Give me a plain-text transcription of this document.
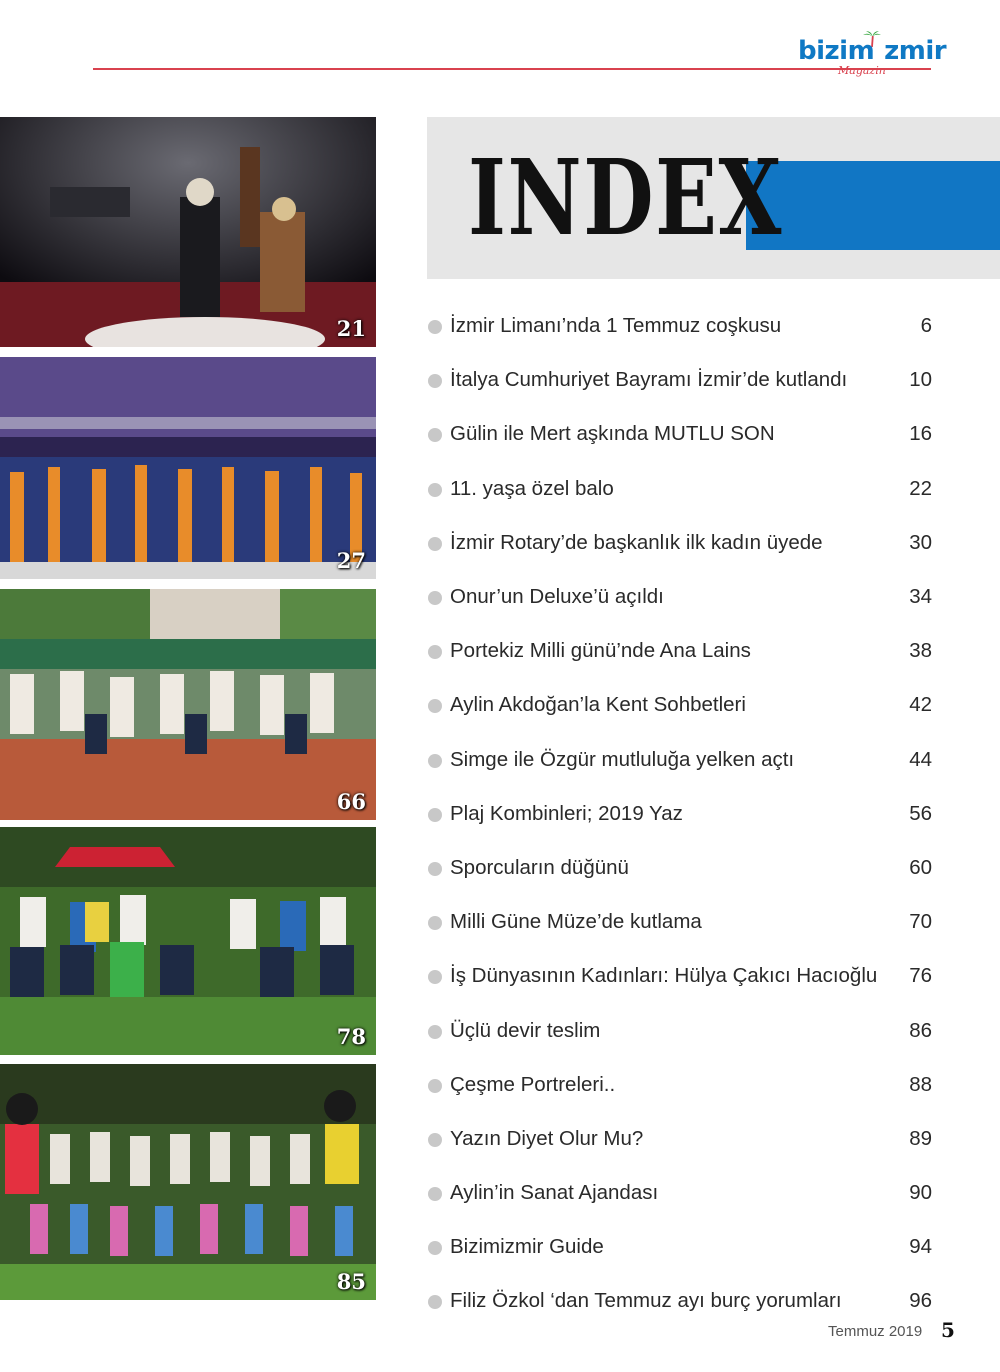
bizim zmir
Magazin
21
27
66
78
85
INDEX
İzmir Limanı’nda 1 Temmuz coşkusu	6
İtalya Cumhuriyet Bayramı İzmir’de kutlandı	10
Gülin ile Mert aşkında MUTLU SON	16
11. yaşa özel balo	22
İzmir Rotary’de başkanlık ilk kadın üyede	30
Onur’un Deluxe’ü açıldı	34
Portekiz Milli günü’nde Ana Lains	38
Aylin Akdoğan’la Kent Sohbetleri	42
Simge ile Özgür mutluluğa yelken açtı	44
Plaj Kombinleri; 2019 Yaz	56
Sporcuların düğünü	60
Milli Güne Müze’de kutlama	70
İş Dünyasının Kadınları: Hülya Çakıcı Hacıoğlu 76
Üçlü devir teslim	86
Çeşme Portreleri..	88
Yazın Diyet Olur Mu?	89
Aylin’in Sanat Ajandası	90
Bizimizmir Guide	94
Filiz Özkol ‘dan Temmuz ayı burç yorumları	96
Temmuz 2019 5
